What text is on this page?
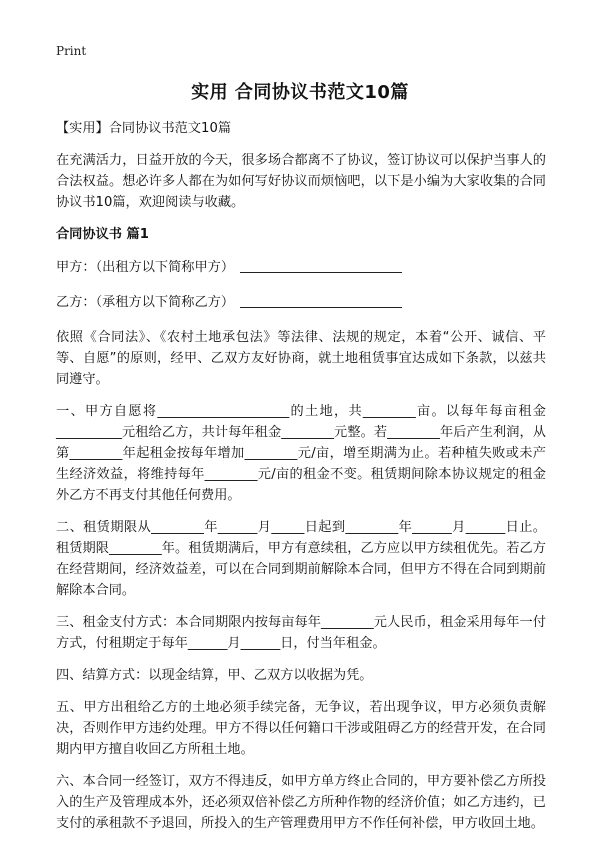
Print
实用 合同协议书范文10篇

【实用】合同协议书范文10篇

在充满活力，日益开放的今天，很多场合都离不了协议，签订协议可以保护当事人的合法权益。想必许多人都在为如何写好协议而烦恼吧，以下是小编为大家收集的合同协议书10篇，欢迎阅读与收藏。

合同协议书 篇1

甲方：（出租方以下简称甲方）

乙方：（承租方以下简称乙方）

依照《合同法》、《农村土地承包法》等法律、法规的规定，本着“公开、诚信、平等、自愿”的原则，经甲、乙双方友好协商，就土地租赁事宜达成如下条款，以兹共同遵守。

一、甲方自愿将____________________的土地，共________亩。以每年每亩租金__________元租给乙方，共计每年租金________元整。若________年后产生利润，从第________年起租金按每年增加________元/亩，增至期满为止。若种植失败或未产生经济效益，将维持每年________元/亩的租金不变。租赁期间除本协议规定的租金外乙方不再支付其他任何费用。

二、租赁期限从________年______月_____日起到________年______月______日止。租赁期限________年。租赁期满后，甲方有意续租，乙方应以甲方续租优先。若乙方在经营期间，经济效益差，可以在合同到期前解除本合同，但甲方不得在合同到期前解除本合同。

三、租金支付方式：本合同期限内按每亩每年________元人民币，租金采用每年一付方式，付租期定于每年______月______日，付当年租金。

四、结算方式：以现金结算，甲、乙双方以收据为凭。

五、甲方出租给乙方的土地必须手续完备，无争议，若出现争议，甲方必须负责解决，否则作甲方违约处理。甲方不得以任何籍口干涉或阻碍乙方的经营开发，在合同期内甲方擅自收回乙方所租土地。

六、本合同一经签订，双方不得违反，如甲方单方终止合同的，甲方要补偿乙方所投入的生产及管理成本外，还必须双倍补偿乙方所种作物的经济价值；如乙方违约，已支付的承租款不予退回，所投入的生产管理费用甲方不作任何补偿，甲方收回土地。
